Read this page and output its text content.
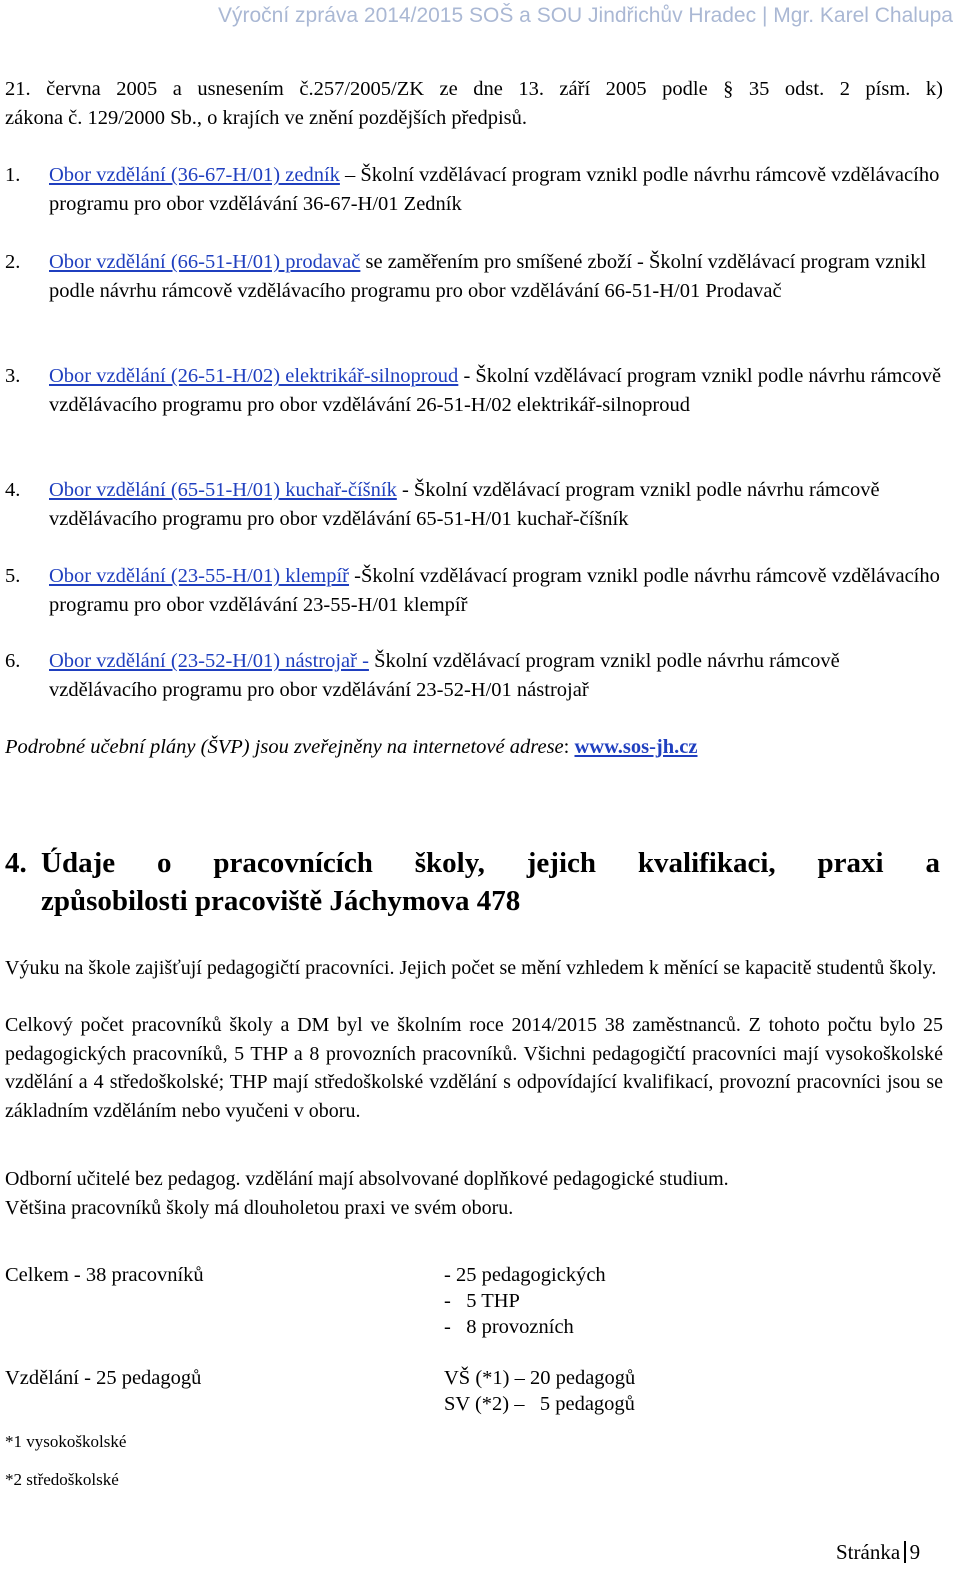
Výroční zpráva 2014/2015 SOŠ a SOU Jindřichův Hradec | Mgr. Karel Chalupa
21. června 2005 a usnesením č.257/2005/ZK ze dne 13. září 2005 podle § 35 odst. 2 písm. k)
zákona č. 129/2000 Sb., o krajích ve znění pozdějších předpisů.
1. Obor vzdělání (36-67-H/01) zedník – Školní vzdělávací program vznikl podle návrhu rámcově vzdělávacího programu pro obor vzdělávání 36-67-H/01 Zedník
2. Obor vzdělání (66-51-H/01) prodavač se zaměřením pro smíšené zboží - Školní vzdělávací program vznikl podle návrhu rámcově vzdělávacího programu pro obor vzdělávání 66-51-H/01 Prodavač
3. Obor vzdělání (26-51-H/02) elektrikář-silnoproud - Školní vzdělávací program vznikl podle návrhu rámcově vzdělávacího programu pro obor vzdělávání 26-51-H/02 elektrikář-silnoproud
4. Obor vzdělání (65-51-H/01) kuchař-číšník - Školní vzdělávací program vznikl podle návrhu rámcově vzdělávacího programu pro obor vzdělávání 65-51-H/01 kuchař-číšník
5. Obor vzdělání (23-55-H/01) klempíř -Školní vzdělávací program vznikl podle návrhu rámcově vzdělávacího programu pro obor vzdělávání 23-55-H/01 klempíř
6. Obor vzdělání (23-52-H/01) nástrojař - Školní vzdělávací program vznikl podle návrhu rámcově vzdělávacího programu pro obor vzdělávání 23-52-H/01 nástrojař
Podrobné učební plány (ŠVP) jsou zveřejněny na internetové adrese: www.sos-jh.cz
4. Údaje o pracovnících školy, jejich kvalifikaci, praxi a
způsobilosti pracoviště Jáchymova 478
Výuku na škole zajišťují pedagogičtí pracovníci. Jejich počet se mění vzhledem k měnící se kapacitě studentů školy.
Celkový počet pracovníků školy a DM byl ve školním roce 2014/2015 38 zaměstnanců. Z tohoto počtu bylo 25 pedagogických pracovníků, 5 THP a 8 provozních pracovníků. Všichni pedagogičtí pracovníci mají vysokoškolské vzdělání a 4 středoškolské; THP mají středoškolské vzdělání s odpovídající kvalifikací, provozní pracovníci jsou se základním vzděláním nebo vyučeni v oboru.
Odborní učitelé bez pedagog. vzdělání mají absolvované doplňkové pedagogické studium.
Většina pracovníků školy má dlouholetou praxi ve svém oboru.
Celkem - 38 pracovníků	- 25 pedagogických
-   5 THP
-   8 provozních
Vzdělání - 25 pedagogů	VŠ (*1) – 20 pedagogů
SV (*2) –   5 pedagogů
*1 vysokoškolské
*2 středoškolské
Stránka 9
